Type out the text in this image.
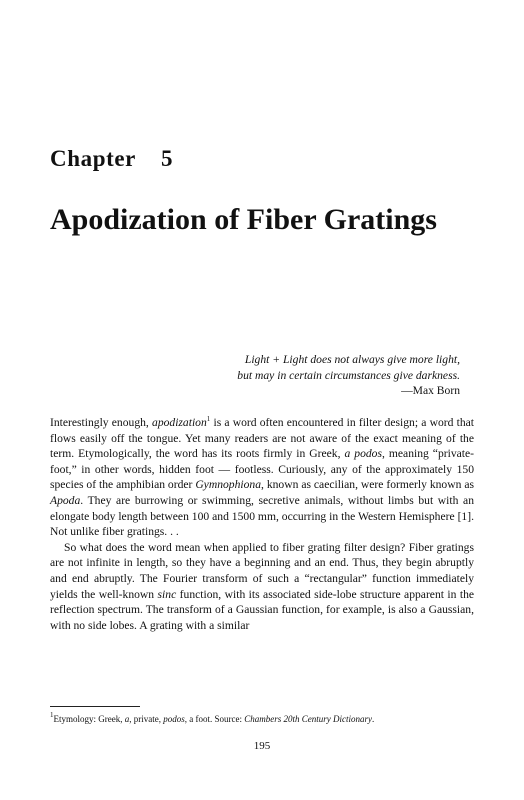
Chapter    5
Apodization of Fiber Gratings
Light + Light does not always give more light,
but may in certain circumstances give darkness.
—Max Born

Interestingly enough, apodization$^1$ is a word often encountered in filter design; a word that flows easily off the tongue. Yet many readers are not aware of the exact meaning of the term. Etymologically, the word has its roots firmly in Greek, a podos, meaning “private-foot,” in other words, hidden foot — footless. Curiously, any of the approximately 150 species of the amphibian order Gymnophiona, known as caecilian, were formerly known as Apoda. They are burrowing or swimming, secretive animals, without limbs but with an elongate body length between 100 and 1500 mm, occurring in the Western Hemisphere [1]. Not unlike fiber gratings. . .

So what does the word mean when applied to fiber grating filter design? Fiber gratings are not infinite in length, so they have a beginning and an end. Thus, they begin abruptly and end abruptly. The Fourier transform of such a “rectangular” function immediately yields the well-known sinc function, with its associated side-lobe structure apparent in the reflection spectrum. The transform of a Gaussian function, for example, is also a Gaussian, with no side lobes. A grating with a similar

$^1$Etymology: Greek, a, private, podos, a foot. Source: Chambers 20th Century Dictionary.
195
